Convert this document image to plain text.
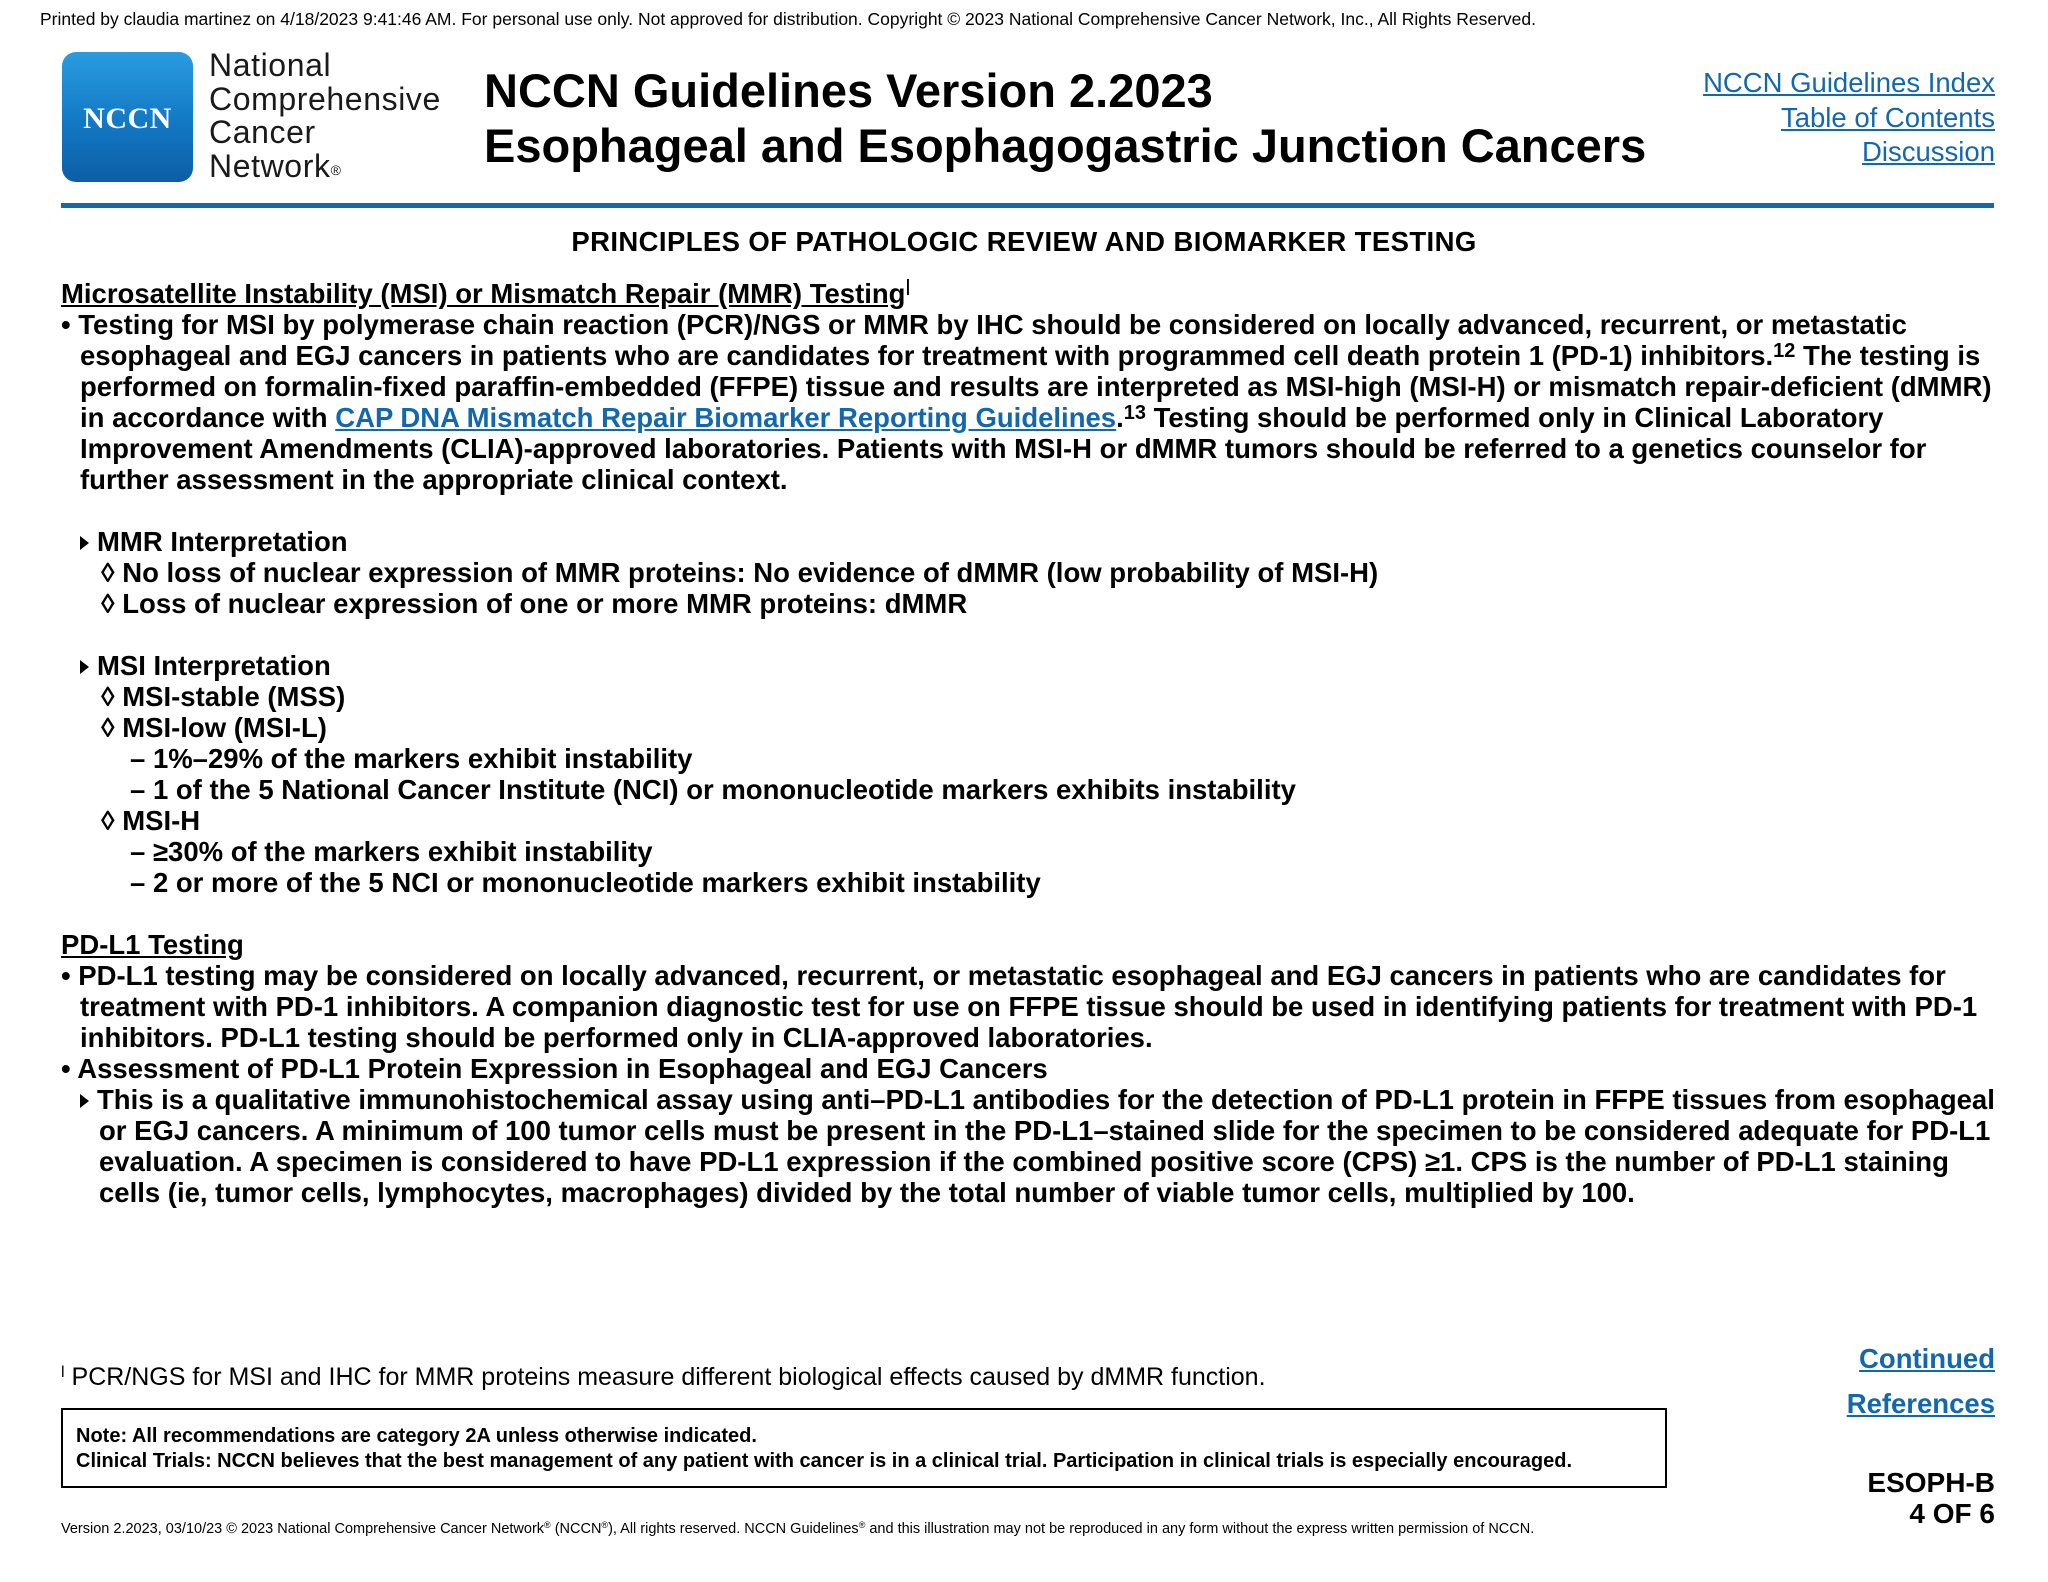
Printed by claudia martinez on 4/18/2023 9:41:46 AM. For personal use only. Not approved for distribution. Copyright © 2023 National Comprehensive Cancer Network, Inc., All Rights Reserved.
NCCN
National
Comprehensive
Cancer
Network®
NCCN Guidelines Version 2.2023
Esophageal and Esophagogastric Junction Cancers
NCCN Guidelines Index
Table of Contents
Discussion
PRINCIPLES OF PATHOLOGIC REVIEW AND BIOMARKER TESTING
Microsatellite Instability (MSI) or Mismatch Repair (MMR) Testing$^l$
• Testing for MSI by polymerase chain reaction (PCR)/NGS or MMR by IHC should be considered on locally advanced, recurrent, or metastatic esophageal and EGJ cancers in patients who are candidates for treatment with programmed cell death protein 1 (PD-1) inhibitors.$^{12}$ The testing is performed on formalin-fixed paraffin-embedded (FFPE) tissue and results are interpreted as MSI-high (MSI-H) or mismatch repair-deficient (dMMR) in accordance with CAP DNA Mismatch Repair Biomarker Reporting Guidelines.$^{13}$ Testing should be performed only in Clinical Laboratory Improvement Amendments (CLIA)-approved laboratories. Patients with MSI-H or dMMR tumors should be referred to a genetics counselor for further assessment in the appropriate clinical context.
MMR Interpretation
◊ No loss of nuclear expression of MMR proteins: No evidence of dMMR (low probability of MSI-H)
◊ Loss of nuclear expression of one or more MMR proteins: dMMR
MSI Interpretation
◊ MSI-stable (MSS)
◊ MSI-low (MSI-L)
– 1%–29% of the markers exhibit instability
– 1 of the 5 National Cancer Institute (NCI) or mononucleotide markers exhibits instability
◊ MSI-H
– ≥30% of the markers exhibit instability
– 2 or more of the 5 NCI or mononucleotide markers exhibit instability
PD-L1 Testing
• PD-L1 testing may be considered on locally advanced, recurrent, or metastatic esophageal and EGJ cancers in patients who are candidates for treatment with PD-1 inhibitors. A companion diagnostic test for use on FFPE tissue should be used in identifying patients for treatment with PD-1 inhibitors. PD-L1 testing should be performed only in CLIA-approved laboratories.
• Assessment of PD-L1 Protein Expression in Esophageal and EGJ Cancers
This is a qualitative immunohistochemical assay using anti–PD-L1 antibodies for the detection of PD-L1 protein in FFPE tissues from esophageal or EGJ cancers. A minimum of 100 tumor cells must be present in the PD-L1–stained slide for the specimen to be considered adequate for PD-L1 evaluation. A specimen is considered to have PD-L1 expression if the combined positive score (CPS) ≥1. CPS is the number of PD-L1 staining cells (ie, tumor cells, lymphocytes, macrophages) divided by the total number of viable tumor cells, multiplied by 100.
$^l$ PCR/NGS for MSI and IHC for MMR proteins measure different biological effects caused by dMMR function.
Continued
References
Note: All recommendations are category 2A unless otherwise indicated.
Clinical Trials: NCCN believes that the best management of any patient with cancer is in a clinical trial. Participation in clinical trials is especially encouraged.
ESOPH-B
4 OF 6
Version 2.2023, 03/10/23 © 2023 National Comprehensive Cancer Network® (NCCN®), All rights reserved. NCCN Guidelines® and this illustration may not be reproduced in any form without the express written permission of NCCN.
